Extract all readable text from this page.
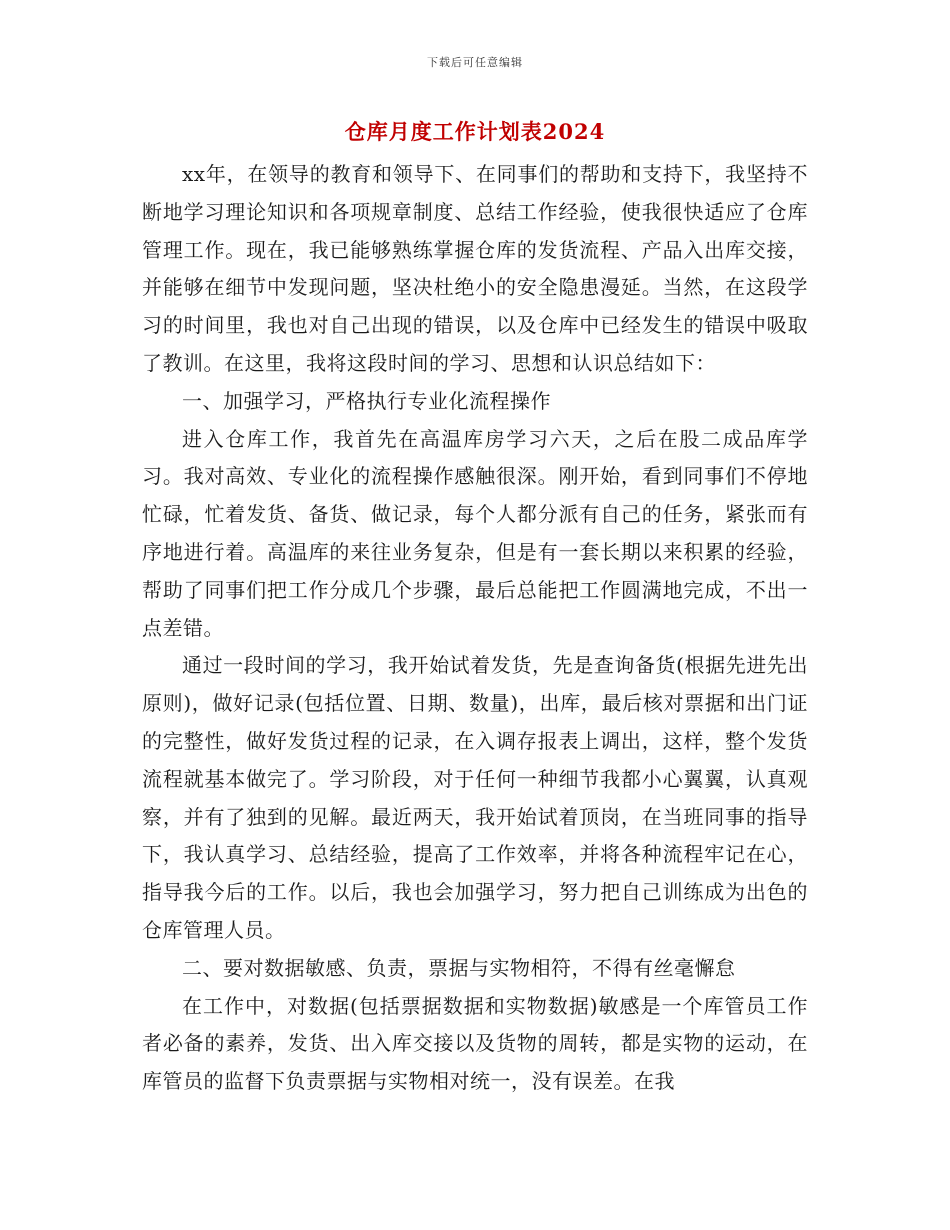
下载后可任意编辑
仓库月度工作计划表2024

xx年，在领导的教育和领导下、在同事们的帮助和支持下，我坚持不断地学习理论知识和各项规章制度、总结工作经验，使我很快适应了仓库管理工作。现在，我已能够熟练掌握仓库的发货流程、产品入出库交接，并能够在细节中发现问题，坚决杜绝小的安全隐患漫延。当然，在这段学习的时间里，我也对自己出现的错误，以及仓库中已经发生的错误中吸取了教训。在这里，我将这段时间的学习、思想和认识总结如下：

一、加强学习，严格执行专业化流程操作

进入仓库工作，我首先在高温库房学习六天，之后在股二成品库学习。我对高效、专业化的流程操作感触很深。刚开始，看到同事们不停地忙碌，忙着发货、备货、做记录，每个人都分派有自己的任务，紧张而有序地进行着。高温库的来往业务复杂，但是有一套长期以来积累的经验，帮助了同事们把工作分成几个步骤，最后总能把工作圆满地完成，不出一点差错。

通过一段时间的学习，我开始试着发货，先是查询备货(根据先进先出原则)，做好记录(包括位置、日期、数量)，出库，最后核对票据和出门证的完整性，做好发货过程的记录，在入调存报表上调出，这样，整个发货流程就基本做完了。学习阶段，对于任何一种细节我都小心翼翼，认真观察，并有了独到的见解。最近两天，我开始试着顶岗，在当班同事的指导下，我认真学习、总结经验，提高了工作效率，并将各种流程牢记在心，指导我今后的工作。以后，我也会加强学习，努力把自己训练成为出色的仓库管理人员。

二、要对数据敏感、负责，票据与实物相符，不得有丝毫懈怠

在工作中，对数据(包括票据数据和实物数据)敏感是一个库管员工作者必备的素养，发货、出入库交接以及货物的周转，都是实物的运动，在库管员的监督下负责票据与实物相对统一，没有误差。在我
